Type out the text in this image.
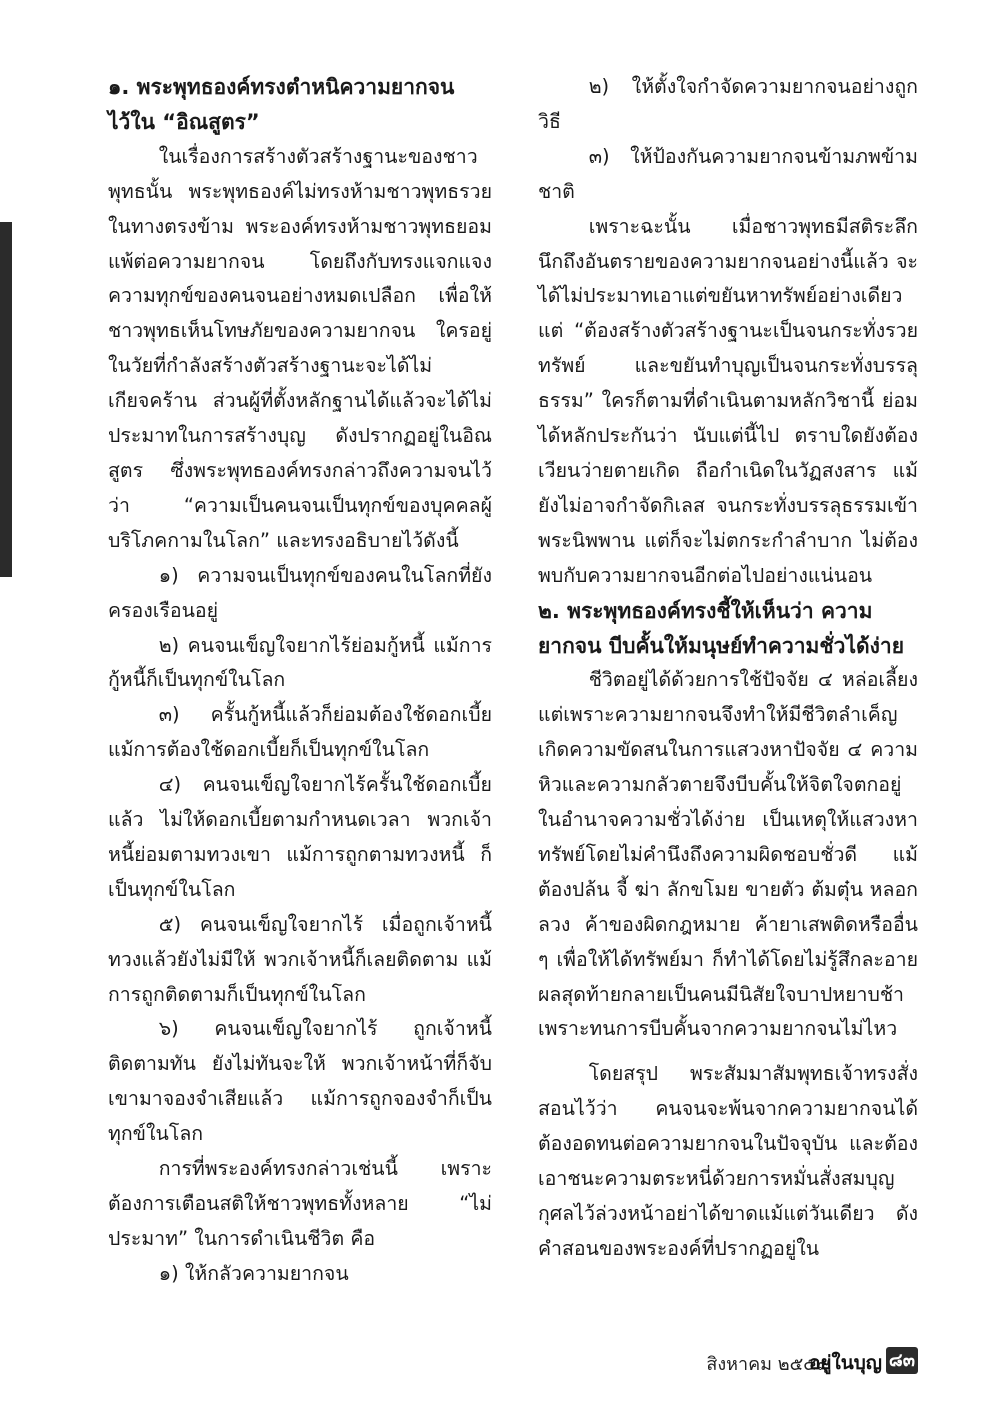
๑. พระพุทธองค์ทรงตำหนิความยากจน
ไว้ใน “อิณสูตร”

ในเรื่องการสร้างตัวสร้างฐานะของชาวพุทธนั้น พระพุทธองค์ไม่ทรงห้ามชาวพุทธรวย ในทางตรงข้าม พระองค์ทรงห้ามชาวพุทธยอมแพ้ต่อความยากจน โดยถึงกับทรงแจกแจงความทุกข์ของคนจนอย่างหมดเปลือก เพื่อให้ชาวพุทธเห็นโทษภัยของความยากจน ใครอยู่ในวัยที่กำลังสร้างตัวสร้างฐานะจะได้ไม่เกียจคร้าน ส่วนผู้ที่ตั้งหลักฐานได้แล้วจะได้ไม่ประมาทในการสร้างบุญ ดังปรากฏอยู่ในอิณสูตร ซึ่งพระพุทธองค์ทรงกล่าวถึงความจนไว้ว่า “ความเป็นคนจนเป็นทุกข์ของบุคคลผู้บริโภคกามในโลก” และทรงอธิบายไว้ดังนี้

๑) ความจนเป็นทุกข์ของคนในโลกที่ยังครองเรือนอยู่

๒) คนจนเข็ญใจยากไร้ย่อมกู้หนี้ แม้การกู้หนี้ก็เป็นทุกข์ในโลก

๓) ครั้นกู้หนี้แล้วก็ย่อมต้องใช้ดอกเบี้ย แม้การต้องใช้ดอกเบี้ยก็เป็นทุกข์ในโลก

๔) คนจนเข็ญใจยากไร้ครั้นใช้ดอกเบี้ยแล้ว ไม่ให้ดอกเบี้ยตามกำหนดเวลา พวกเจ้าหนี้ย่อมตามทวงเขา แม้การถูกตามทวงหนี้ ก็เป็นทุกข์ในโลก

๕) คนจนเข็ญใจยากไร้ เมื่อถูกเจ้าหนี้ทวงแล้วยังไม่มีให้ พวกเจ้าหนี้ก็เลยติดตาม แม้การถูกติดตามก็เป็นทุกข์ในโลก

๖) คนจนเข็ญใจยากไร้ ถูกเจ้าหนี้ติดตามทัน ยังไม่ทันจะให้ พวกเจ้าหน้าที่ก็จับเขามาจองจำเสียแล้ว แม้การถูกจองจำก็เป็นทุกข์ในโลก

การที่พระองค์ทรงกล่าวเช่นนี้ เพราะต้องการเตือนสติให้ชาวพุทธทั้งหลาย “ไม่ประมาท” ในการดำเนินชีวิต คือ

๑) ให้กลัวความยากจน

๒) ให้ตั้งใจกำจัดความยากจนอย่างถูกวิธี

๓) ให้ป้องกันความยากจนข้ามภพข้ามชาติ

เพราะฉะนั้น เมื่อชาวพุทธมีสติระลึกนึกถึงอันตรายของความยากจนอย่างนี้แล้ว จะได้ไม่ประมาทเอาแต่ขยันหาทรัพย์อย่างเดียว แต่ “ต้องสร้างตัวสร้างฐานะเป็นจนกระทั่งรวยทรัพย์ และขยันทำบุญเป็นจนกระทั่งบรรลุธรรม” ใครก็ตามที่ดำเนินตามหลักวิชานี้ ย่อมได้หลักประกันว่า นับแต่นี้ไป ตราบใดยังต้องเวียนว่ายตายเกิด ถือกำเนิดในวัฏสงสาร แม้ยังไม่อาจกำจัดกิเลส จนกระทั่งบรรลุธรรมเข้าพระนิพพาน แต่ก็จะไม่ตกระกำลำบาก ไม่ต้องพบกับความยากจนอีกต่อไปอย่างแน่นอน

๒. พระพุทธองค์ทรงชี้ให้เห็นว่า ความยากจน บีบคั้นให้มนุษย์ทำความชั่วได้ง่าย

ชีวิตอยู่ได้ด้วยการใช้ปัจจัย ๔ หล่อเลี้ยง แต่เพราะความยากจนจึงทำให้มีชีวิตลำเค็ญ เกิดความขัดสนในการแสวงหาปัจจัย ๔ ความหิวและความกลัวตายจึงบีบคั้นให้จิตใจตกอยู่ในอำนาจความชั่วได้ง่าย เป็นเหตุให้แสวงหาทรัพย์โดยไม่คำนึงถึงความผิดชอบชั่วดี แม้ต้องปล้น จี้ ฆ่า ลักขโมย ขายตัว ต้มตุ๋น หลอกลวง ค้าของผิดกฎหมาย ค้ายาเสพติดหรืออื่น ๆ เพื่อให้ได้ทรัพย์มา ก็ทำได้โดยไม่รู้สึกละอาย ผลสุดท้ายกลายเป็นคนมีนิสัยใจบาปหยาบช้า เพราะทนการบีบคั้นจากความยากจนไม่ไหว

โดยสรุป พระสัมมาสัมพุทธเจ้าทรงสั่งสอนไว้ว่า คนจนจะพ้นจากความยากจนได้ต้องอดทนต่อความยากจนในปัจจุบัน และต้องเอาชนะความตระหนี่ด้วยการหมั่นสั่งสมบุญกุศลไว้ล่วงหน้าอย่าได้ขาดแม้แต่วันเดียว ดังคำสอนของพระองค์ที่ปรากฏอยู่ใน

สิงหาคม ๒๕๕๙
อยู่ในบุญ ๘๓
